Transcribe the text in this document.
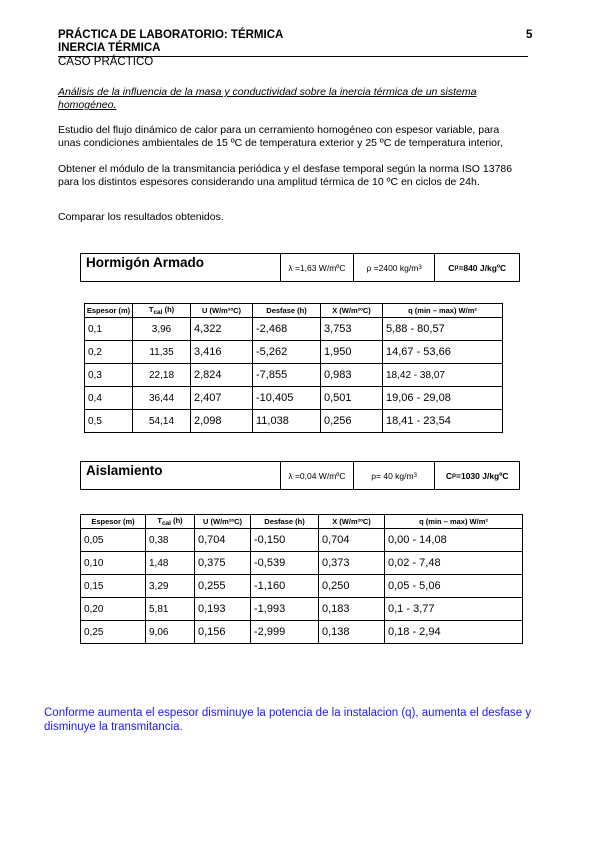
PRÁCTICA DE LABORATORIO: TÉRMICA	5
INERCIA TÉRMICA
CASO PRÁCTICO
Análisis de la influencia de la masa y conductividad sobre la inercia térmica de un sistema
homogéneo.
Estudio del flujo dinámico de calor para un cerramiento homogéneo con espesor variable, para
unas condiciones ambientales de 15 ºC de temperatura exterior y 25 ºC de temperatura interior,
Obtener el módulo de la transmitancia periódica y el desfase temporal según la norma ISO 13786
para los distintos espesores considerando una amplitud térmica de 10 ºC en ciclos de 24h.
Comparar los resultados obtenidos.
Hormigón Armado	λ =1,63 W/mºC	ρ =2400 kg/m 3	C p =840 J/kgºC
Espesor (m)	$T_{cal}$ (h)	U (W/m²ºC)	Desfase (h)	X (W/m²ºC)	q (min – max) W/m²
0,1	3,96	4,322	-2,468	3,753	5,88 - 80,57
0,2	11,35	3,416	-5,262	1,950	14,67 - 53,66
0,3	22,18	2,824	-7,855	0,983	18,42 - 38,07
0,4	36,44	2,407	-10,405	0,501	19,06 - 29,08
0,5	54,14	2,098	11,038	0,256	18,41 - 23,54
Aislamiento	λ =0,04 W/mºC	ρ= 40 kg/m 3	C p =1030 J/kgºC
Espesor (m)	$T_{cal}$ (h)	U (W/m²ºC)	Desfase (h)	X (W/m²ºC)	q (min – max) W/m²
0,05	0,38	0,704	-0,150	0,704	0,00 - 14,08
0,10	1,48	0,375	-0,539	0,373	0,02 - 7,48
0,15	3,29	0,255	-1,160	0,250	0,05 - 5,06
0,20	5,81	0,193	-1,993	0,183	0,1 - 3,77
0,25	9,06	0,156	-2,999	0,138	0,18 - 2,94
Conforme aumenta el espesor disminuye la potencia de la instalacion (q), aumenta el desfase y
disminuye la transmitancia.
